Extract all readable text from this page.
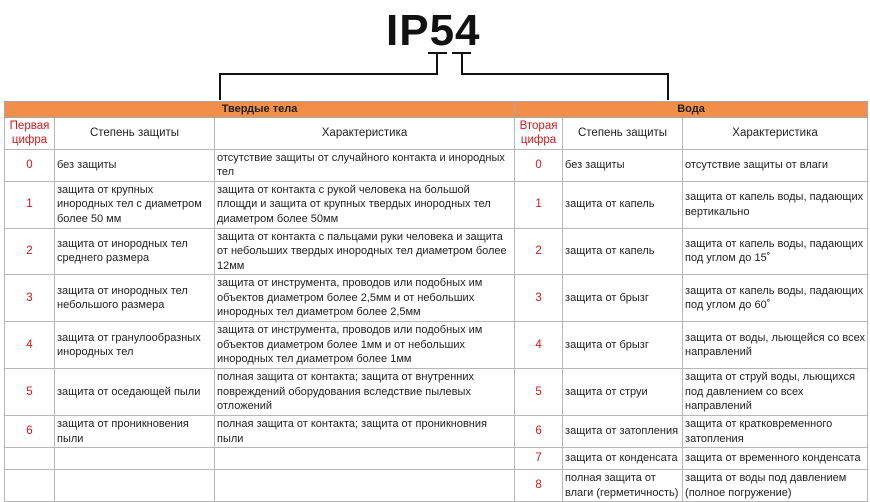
IP54
Твердые тела			Вода		
Первая цифра	Степень защиты	Характеристика	Вторая цифра	Степень защиты	Характеристика
0	без защиты	отсутствие защиты от случайного контакта и инородных тел	0	без защиты	отсутствие защиты от влаги
1	защита от крупных инородных тел с диаметром более 50 мм	защита от контакта с рукой человека на большой площди и защита от крупных твердых инородных тел диаметром более 50мм	1	защита от капель	защита от капель воды, падающих вертикально
2	защита от инородных тел среднего размера	защита от контакта с пальцами руки человека и защита от небольших твердых инородных тел диаметром более 12мм	2	защита от капель	защита от капель воды, падающих под углом до 15˚
3	защита от инородных тел небольшого размера	защита от инструмента, проводов или подобных им объектов диаметром более 2,5мм и от небольших инородных тел диаметром более 2,5мм	3	защита от брызг	защита от капель воды, падающих под углом до 60˚
4	защита от гранулообразных инородных тел	защита от инструмента, проводов или подобных им объектов диаметром более 1мм и от небольших инородных тел диаметром более 1мм	4	защита от брызг	защита от воды, льющейся со всех направлений
5	защита от оседающей пыли	полная защита от контакта; защита от внутренних повреждений оборудования вследствие пылевых отложений	5	защита от струи	защита от струй воды, льющихся под давлением со всех направлений
6	защита от проникновения пыли	полная защита от контакта; защита от проникновния пыли	6	защита от затопления	защита от кратковременного затопления
			7	защита от конденсата	защита от временного конденсата
			8	полная защита от влаги (герметичность)	защита от воды под давлением (полное погружение)
